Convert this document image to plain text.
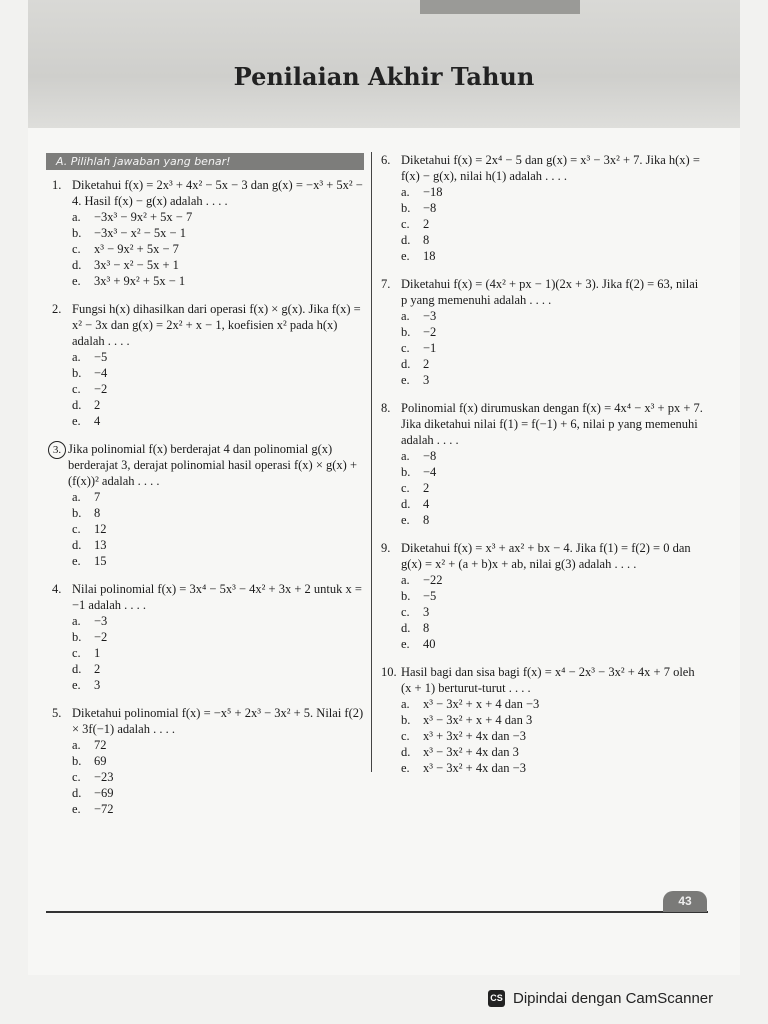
Penilaian Akhir Tahun
A. Pilihlah jawaban yang benar!
1. Diketahui f(x) = 2x³ + 4x² − 5x − 3 dan g(x) = −x³ + 5x² − 4. Hasil f(x) − g(x) adalah . . . .
a.	−3x³ − 9x² + 5x − 7
b.	−3x³ − x² − 5x − 1
c.	x³ − 9x² + 5x − 7
d.	3x³ − x² − 5x + 1
e.	3x³ + 9x² + 5x − 1
2. Fungsi h(x) dihasilkan dari operasi f(x) × g(x). Jika f(x) = x² − 3x dan g(x) = 2x² + x − 1, koefisien x² pada h(x) adalah . . . .
a.	−5
b.	−4
c.	−2
d.	2
e.	4
3. Jika polinomial f(x) berderajat 4 dan polinomial g(x) berderajat 3, derajat polinomial hasil operasi f(x) × g(x) + (f(x))² adalah . . . .
a.	7
b.	8
c.	12
d.	13
e.	15
4. Nilai polinomial f(x) = 3x⁴ − 5x³ − 4x² + 3x + 2 untuk x = −1 adalah . . . .
a.	−3
b.	−2
c.	1
d.	2
e.	3
5. Diketahui polinomial f(x) = −x⁵ + 2x³ − 3x² + 5. Nilai f(2) × 3f(−1) adalah . . . .
a.	72
b.	69
c.	−23
d.	−69
e.	−72
6. Diketahui f(x) = 2x⁴ − 5 dan g(x) = x³ − 3x² + 7. Jika h(x) = f(x) − g(x), nilai h(1) adalah . . . .
a.	−18
b.	−8
c.	2
d.	8
e.	18
7. Diketahui f(x) = (4x² + px − 1)(2x + 3). Jika f(2) = 63, nilai p yang memenuhi adalah . . . .
a.	−3
b.	−2
c.	−1
d.	2
e.	3
8. Polinomial f(x) dirumuskan dengan f(x) = 4x⁴ − x³ + px + 7. Jika diketahui nilai f(1) = f(−1) + 6, nilai p yang memenuhi adalah . . . .
a.	−8
b.	−4
c.	2
d.	4
e.	8
9. Diketahui f(x) = x³ + ax² + bx − 4. Jika f(1) = f(2) = 0 dan g(x) = x² + (a + b)x + ab, nilai g(3) adalah . . . .
a.	−22
b.	−5
c.	3
d.	8
e.	40
10. Hasil bagi dan sisa bagi f(x) = x⁴ − 2x³ − 3x² + 4x + 7 oleh (x + 1) berturut-turut . . . .
a.	x³ − 3x² + x + 4 dan −3
b.	x³ − 3x² + x + 4 dan 3
c.	x³ + 3x² + 4x dan −3
d.	x³ − 3x² + 4x dan 3
e.	x³ − 3x² + 4x dan −3
43
CS Dipindai dengan CamScanner
